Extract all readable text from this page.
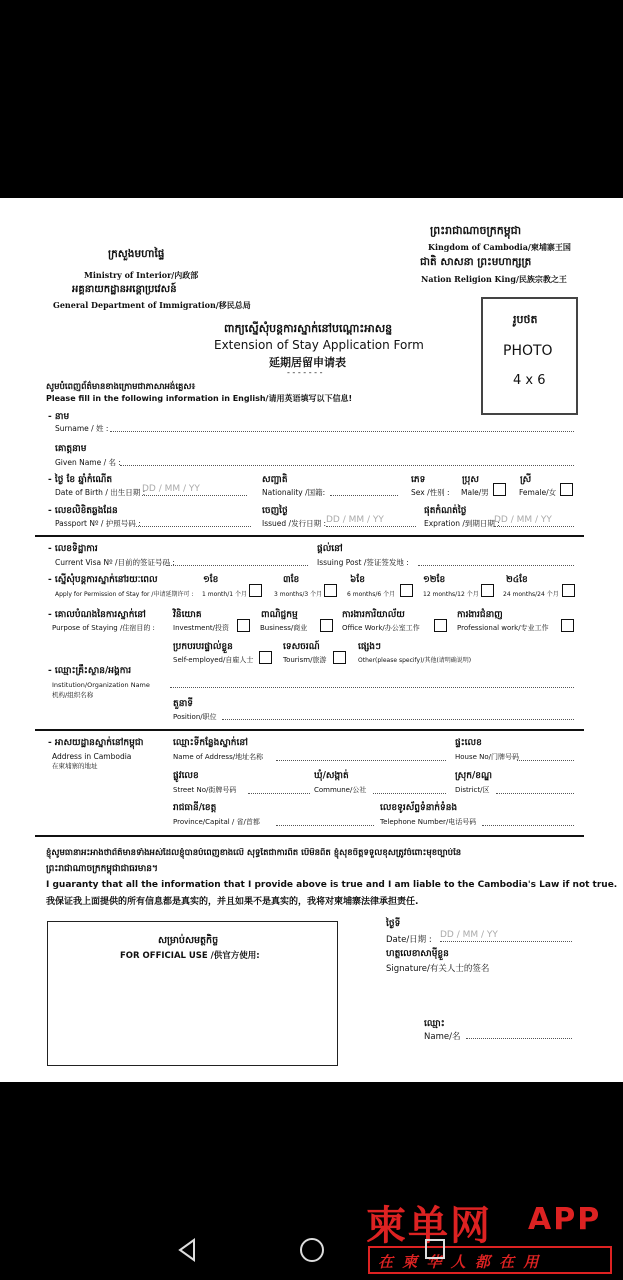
ព្រះរាជាណាចក្រកម្ពុជា
Kingdom of Cambodia/柬埔寨王国
ជាតិ សាសនា ព្រះមហាក្សត្រ
Nation Religion King/民族宗教之王
ក្រសួងមហាផ្ទៃ
Ministry of Interior/内政部
អគ្គនាយកដ្ឋានអន្តោប្រវេសន៍
General Department of Immigration/移民总局
ពាក្យស្នើសុំបន្តការស្នាក់នៅបណ្ដោះអាសន្ន
Extension of Stay Application Form
延期居留申请表
- - - - - - -
រូបថត
PHOTO
4 x 6
សូមបំពេញព័ត៌មានខាងក្រោមជាភាសាអង់គ្លេស៖
Please fill in the following information in English/请用英语填写以下信息!
- នាម
Surname / 姓 :
គោត្តនាម
Given Name / 名 :
- ថ្ងៃ ខែ ឆ្នាំកំណើត
Date of Birth / 出生日期 :
DD / MM / YY
សញ្ជាតិ
Nationality /国籍:
ភេទ
Sex /性别 :
ប្រុស
Male/男
ស្រី
Female/女
- លេខលិខិតឆ្លងដែន
Passport Nº / 护照号码 :
ចេញថ្ងៃ
Issued /发行日期 : DD / MM / YY
ផុតកំណត់ថ្ងៃ
Expration /到期日期 :
DD / MM / YY
- លេខទិដ្ឋាការ
Current Visa Nº /目前的签证号码 :
ផ្តល់នៅ
Issuing Post /签证签发地 :
- ស្នើសុំបន្តការស្នាក់នៅរយៈពេល
Apply for Permission of Stay for /申请延期许可 :
១ខែ
1 month/1 个月
៣ខែ
3 months/3 个月
៦ខែ
6 months/6 个月
១២ខែ
12 months/12 个月
២៤ខែ
24 months/24 个月
- គោលបំណងនៃការស្នាក់នៅ
Purpose of Staying /住宿目的 :
វិនិយោគ
Investment/投资
ពាណិជ្ជកម្ម
Business/商业
ការងារការិយាល័យ
Office Work/办公室工作
ការងារជំនាញ
Professional work/专业工作
ប្រកបរបរផ្ទាល់ខ្លួន
Self-employed/自雇人士
ទេសចរណ៍
Tourism/旅游
ផ្សេងៗ
Other(please specify)/其他(请明确说明)
- ឈ្មោះគ្រឹះស្ថាន/អង្គការ
Institution/Organization Name
机构/组织名称
តួនាទី
Position/职位
- អាសយដ្ឋានស្នាក់នៅកម្ពុជា
Address in Cambodia
在柬埔寨的地址
ឈ្មោះទីកន្លែងស្នាក់នៅ
Name of Address/地址名称
ផ្ទះលេខ
House No/门牌号码
ផ្លូវលេខ
Street No/街牌号码
ឃុំ/សង្កាត់
Commune/公社
ស្រុក/ខណ្ឌ
District/区
រាជធានី/ខេត្ត
Province/Capital / 省/首都
លេខទូរស័ព្ទទំនាក់ទំនង
Telephone Number/电话号码
ខ្ញុំសូមធានាអះអាងថាព័ត៌មានទាំងអស់ដែលខ្ញុំបានបំពេញខាងលើ សុទ្ធតែជាការពិត បើមិនពិត ខ្ញុំសុខចិត្តទទួលខុសត្រូវចំពោះមុខច្បាប់នៃ
ព្រះរាជាណាចក្រកម្ពុជាជាធរមាន។
I guaranty that all the information that I provide above is true and I am liable to the Cambodia's Law if not true.
我保证我上面提供的所有信息都是真实的，并且如果不是真实的，我将对柬埔寨法律承担责任.
សម្រាប់សមត្ថកិច្ច
FOR OFFICIAL USE /供官方使用:
ថ្ងៃទី
Date/日期 : DD / MM / YY
ហត្ថលេខាសាម៉ីខ្លួន
Signature/有关人士的签名
ឈ្មោះ
Name/名
柬单网 APP
在 柬 华 人 都 在 用
